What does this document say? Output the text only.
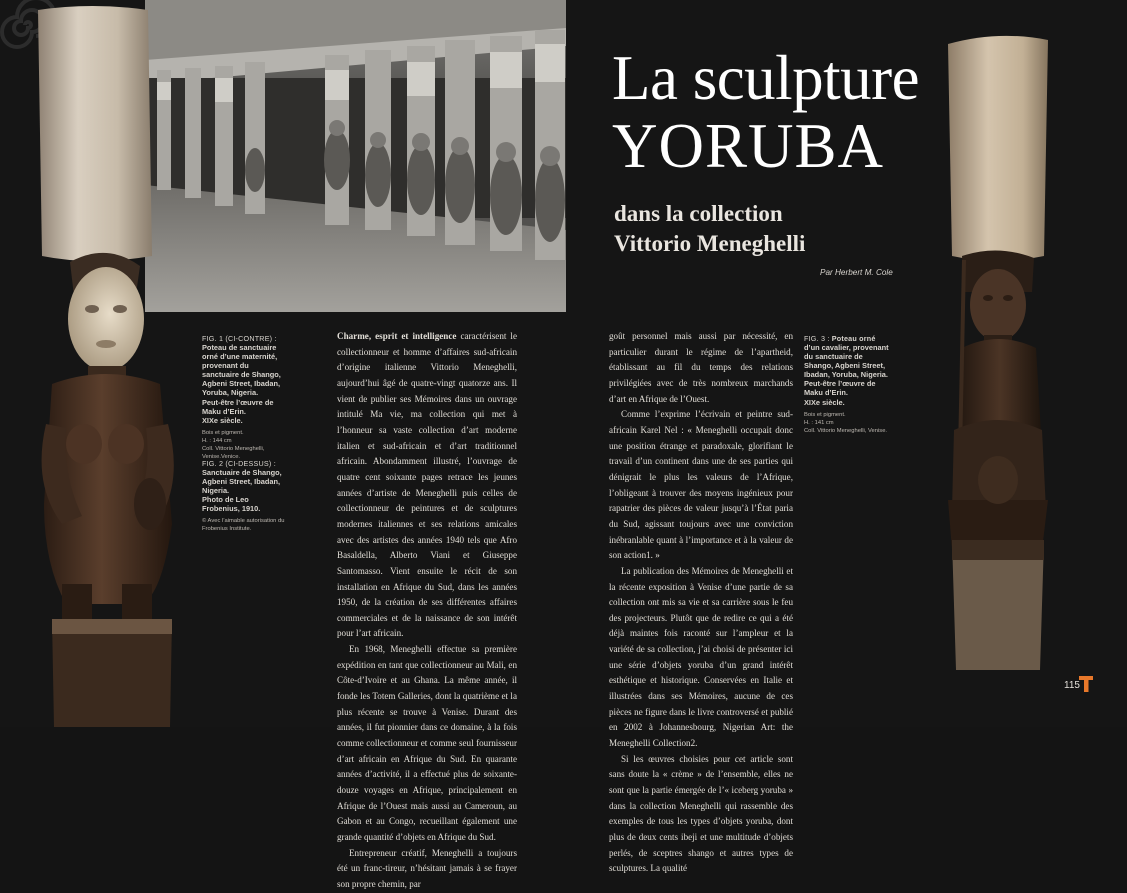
FIG. 1 (CI-CONTRE) :
Poteau de sanctuaire
orné d’une maternité,
provenant du
sanctuaire de Shango,
Agbeni Street, Ibadan,
Yoruba, Nigeria.
Peut-être l’œuvre de
Maku d’Erin.
XIXe siècle.
Bois et pigment.
H. : 144 cm
Coll. Vittorio Meneghelli,
Venise.Venice.
FIG. 2 (CI-DESSUS) :
Sanctuaire de Shango,
Agbeni Street, Ibadan,
Nigeria.
Photo de Leo
Frobenius, 1910.
© Avec l’aimable autorisation du
Frobenius Institute.

Charme, esprit et intelligence caractérisent le collectionneur et homme d’affaires sud-africain d’origine italienne Vittorio Meneghelli, aujourd’hui âgé de quatre-vingt quatorze ans. Il vient de publier ses Mémoires dans un ouvrage intitulé Ma vie, ma collection qui met à l’honneur sa vaste collection d’art moderne italien et sud-africain et d’art traditionnel africain. Abondamment illustré, l’ouvrage de quatre cent soixante pages retrace les jeunes années d’artiste de Meneghelli puis celles de collectionneur de peintures et de sculptures modernes italiennes et ses relations amicales avec des artistes des années 1940 tels que Afro Basaldella, Alberto Viani et Giuseppe Santomasso. Vient ensuite le récit de son installation en Afrique du Sud, dans les années 1950, de la création de ses différentes affaires commerciales et de la naissance de son intérêt pour l’art africain.

En 1968, Meneghelli effectue sa première expédition en tant que collectionneur au Mali, en Côte-d’Ivoire et au Ghana. La même année, il fonde les Totem Galleries, dont la quatrième et la plus récente se trouve à Venise. Durant des années, il fut pionnier dans ce domaine, à la fois comme collectionneur et comme seul fournisseur d’art africain en Afrique du Sud. En quarante années d’activité, il a effectué plus de soixante-douze voyages en Afrique, principalement en Afrique de l’Ouest mais aussi au Cameroun, au Gabon et au Congo, recueillant également une grande quantité d’objets en Afrique du Sud.

Entrepreneur créatif, Meneghelli a toujours été un franc-tireur, n’hésitant jamais à se frayer son propre chemin, par

goût personnel mais aussi par nécessité, en particulier durant le régime de l’apartheid, établissant au fil du temps des relations privilégiées avec de très nombreux marchands d’art en Afrique de l’Ouest.

Comme l’exprime l’écrivain et peintre sud-africain Karel Nel : « Meneghelli occupait donc une position étrange et paradoxale, glorifiant le travail d’un continent dans une de ses parties qui dénigrait le plus les valeurs de l’Afrique, l’obligeant à trouver des moyens ingénieux pour rapatrier des pièces de valeur jusqu’à l’État paria du Sud, agissant toujours avec une conviction inébranlable quant à l’importance et à la valeur de son action1. »

La publication des Mémoires de Meneghelli et la récente exposition à Venise d’une partie de sa collection ont mis sa vie et sa carrière sous le feu des projecteurs. Plutôt que de redire ce qui a été déjà maintes fois raconté sur l’ampleur et la variété de sa collection, j’ai choisi de présenter ici une série d’objets yoruba d’un grand intérêt esthétique et historique. Conservées en Italie et illustrées dans ses Mémoires, aucune de ces pièces ne figure dans le livre controversé et publié en 2002 à Johannesbourg, Nigerian Art: the Meneghelli Collection2.

Si les œuvres choisies pour cet article sont sans doute la « crème » de l’ensemble, elles ne sont que la partie émergée de l’« iceberg yoruba » dans la collection Meneghelli qui rassemble des exemples de tous les types d’objets yoruba, dont plus de deux cents ibeji et une multitude d’objets perlés, de sceptres shango et autres types de sculptures. La qualité

La sculpture
YORUBA
dans la collection
Vittorio Meneghelli
Par Herbert M. Cole
FIG. 3 : Poteau orné
d’un cavalier, provenant
du sanctuaire de
Shango, Agbeni Street,
Ibadan, Yoruba, Nigeria.
Peut-être l’œuvre de
Maku d’Erin.
XIXe siècle.
Bois et pigment.
H. : 141 cm
Coll. Vittorio Meneghelli, Venise.
115
